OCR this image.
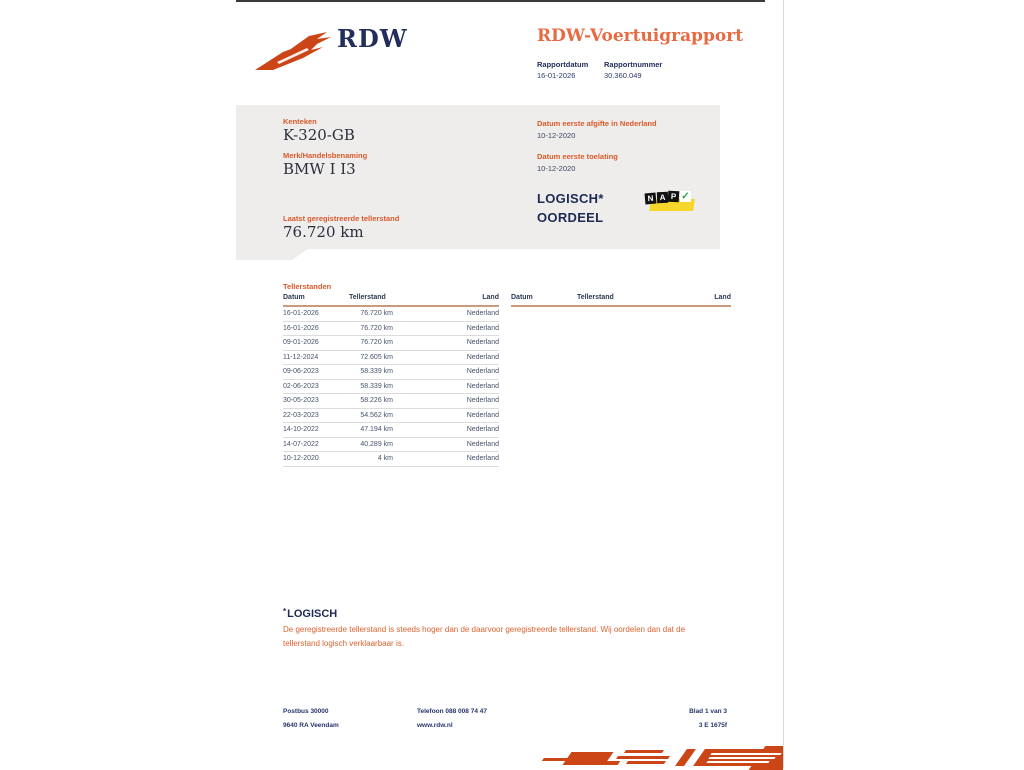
RDW	RDW-Voertuigrapport
Rapportdatum Rapportnummer
16-01-2026	30.360.049
Kenteken
K-320-GB
Merk/Handelsbenaming
BMW I I3
Laatst geregistreerde tellerstand
76.720 km
Datum eerste afgifte in Nederland
10-12-2020
Datum eerste toelating
10-12-2020
LOGISCH*
OORDEEL
N A P ✓
Tellerstanden
Datum	Tellerstand	Land
16-01-2026	76.720 km	Nederland
16-01-2026	76.720 km	Nederland
09-01-2026	76.720 km	Nederland
11-12-2024	72.605 km	Nederland
09-06-2023	58.339 km	Nederland
02-06-2023	58.339 km	Nederland
30-05-2023	58.226 km	Nederland
22-03-2023	54.562 km	Nederland
14-10-2022	47.194 km	Nederland
14-07-2022	40.289 km	Nederland
10-12-2020	4 km	Nederland
Datum	Tellerstand	Land
*LOGISCH
De geregistreerde tellerstand is steeds hoger dan de daarvoor geregistreerde tellerstand. Wij oordelen dan dat de tellerstand logisch verklaarbaar is.
Postbus 30000
9640 RA Veendam
Telefoon 088 008 74 47
www.rdw.nl
Blad 1 van 3
3 E 1675f
